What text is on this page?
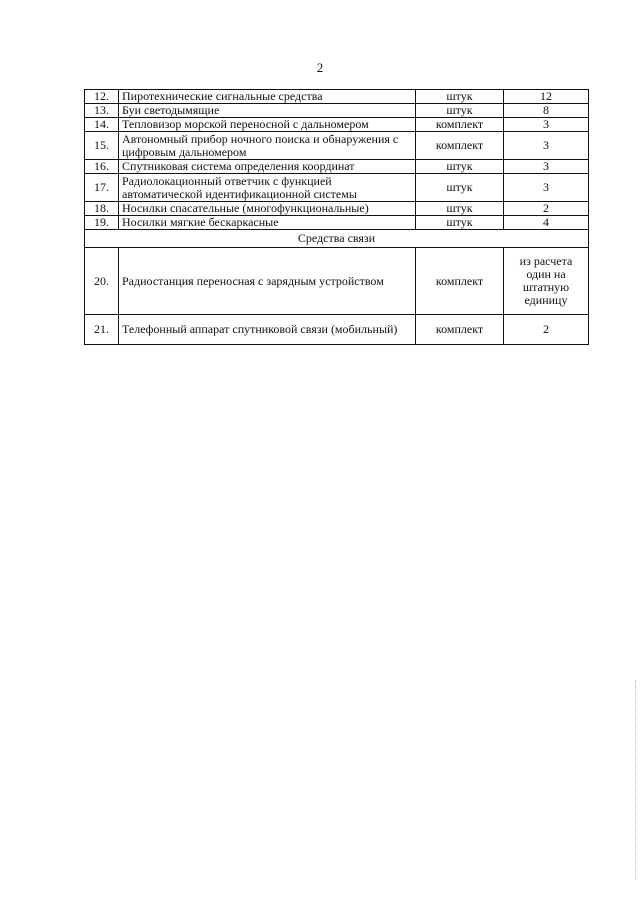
2
12.	Пиротехнические сигнальные средства	штук	12
13.	Буи светодымящие	штук	8
14.	Тепловизор морской переносной с дальномером	комплект	3
15.	Автономный прибор ночного поиска и обнаружения с цифровым дальномером	комплект	3
16.	Спутниковая система определения координат	штук	3
17.	Радиолокационный ответчик с функцией автоматической идентификационной системы	штук	3
18.	Носилки спасательные (многофункциональные)	штук	2
19.	Носилки мягкие бескаркасные	штук	4
Средства связи			
20.	Радиостанция переносная с зарядным устройством	комплект	из расчета один на штатную единицу
21.	Телефонный аппарат спутниковой связи (мобильный)	комплект	2
